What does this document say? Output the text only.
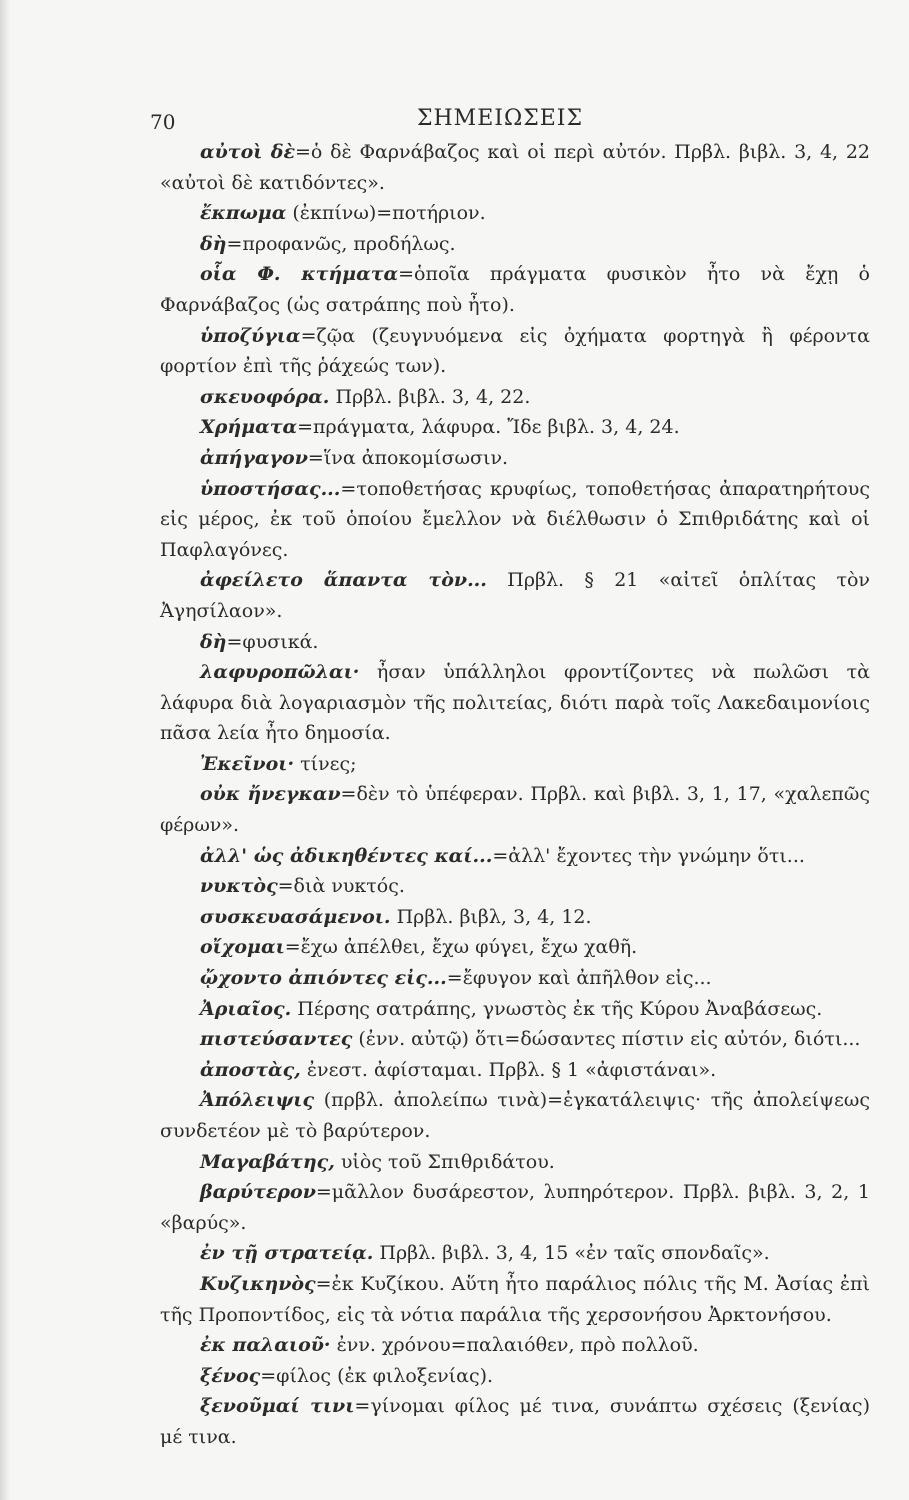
70	ΣΗΜΕΙΩΣΕΙΣ

αὐτοὶ δὲ=ὁ δὲ Φαρνάβαζος καὶ οἱ περὶ αὐτόν. Πρβλ. βιβλ. 3, 4, 22 «αὐτοὶ δὲ κατιδόντες».

ἔκπωμα (ἐκπίνω)=ποτήριον.

δὴ=προφανῶς, προδήλως.

οἷα Φ. κτήματα=ὁποῖα πράγματα φυσικὸν ἦτο νὰ ἔχῃ ὁ Φαρνάβαζος (ὡς σατράπης ποὺ ἦτο).

ὑποζύγια=ζῷα (ζευγνυόμενα εἰς ὀχήματα φορτηγὰ ἢ φέροντα φορτίον ἐπὶ τῆς ῥάχεώς των).

σκευοφόρα. Πρβλ. βιβλ. 3, 4, 22.

Χρήματα=πράγματα, λάφυρα. Ἴδε βιβλ. 3, 4, 24.

ἀπήγαγον=ἵνα ἀποκομίσωσιν.

ὑποστήσας...=τοποθετήσας κρυφίως, τοποθετήσας ἀπαρατηρήτους εἰς μέρος, ἐκ τοῦ ὁποίου ἔμελλον νὰ διέλθωσιν ὁ Σπιθριδάτης καὶ οἱ Παφλαγόνες.

ἀφείλετο ἅπαντα τὸν... Πρβλ. § 21 «αἰτεῖ ὁπλίτας τὸν Ἀγησίλαον».

δὴ=φυσικά.

λαφυροπῶλαι· ἦσαν ὑπάλληλοι φροντίζοντες νὰ πωλῶσι τὰ λάφυρα διὰ λογαριασμὸν τῆς πολιτείας, διότι παρὰ τοῖς Λακεδαιμονίοις πᾶσα λεία ἦτο δημοσία.

Ἐκεῖνοι· τίνες;

οὐκ ἤνεγκαν=δὲν τὸ ὑπέφεραν. Πρβλ. καὶ βιβλ. 3, 1, 17, «χαλεπῶς φέρων».

ἀλλ' ὡς ἀδικηθέντες καί...=ἀλλ' ἔχοντες τὴν γνώμην ὅτι...

νυκτὸς=διὰ νυκτός.

συσκευασάμενοι. Πρβλ. βιβλ, 3, 4, 12.

οἴχομαι=ἔχω ἀπέλθει, ἔχω φύγει, ἔχω χαθῆ.

ᾤχοντο ἀπιόντες εἰς...=ἔφυγον καὶ ἀπῆλθον εἰς...

Ἀριαῖος. Πέρσης σατράπης, γνωστὸς ἐκ τῆς Κύρου Ἀναβάσεως.

πιστεύσαντες (ἐνν. αὐτῷ) ὅτι=δώσαντες πίστιν εἰς αὐτόν, διότι...

ἀποστὰς, ἐνεστ. ἀφίσταμαι. Πρβλ. § 1 «ἀφιστάναι».

Ἀπόλειψις (πρβλ. ἀπολείπω τινὰ)=ἐγκατάλειψις· τῆς ἀπολείψεως συνδετέον μὲ τὸ βαρύτερον.

Μαγαβάτης, υἱὸς τοῦ Σπιθριδάτου.

βαρύτερον=μᾶλλον δυσάρεστον, λυπηρότερον. Πρβλ. βιβλ. 3, 2, 1 «βαρύς».

ἐν τῇ στρατείᾳ. Πρβλ. βιβλ. 3, 4, 15 «ἐν ταῖς σπονδαῖς».

Κυζικηνὸς=ἐκ Κυζίκου. Αὕτη ἦτο παράλιος πόλις τῆς Μ. Ἀσίας ἐπὶ τῆς Προποντίδος, εἰς τὰ νότια παράλια τῆς χερσονήσου Ἀρκτονήσου.

ἐκ παλαιοῦ· ἐνν. χρόνου=παλαιόθεν, πρὸ πολλοῦ.

ξένος=φίλος (ἐκ φιλοξενίας).

ξενοῦμαί τινι=γίνομαι φίλος μέ τινα, συνάπτω σχέσεις (ξενίας) μέ τινα.
